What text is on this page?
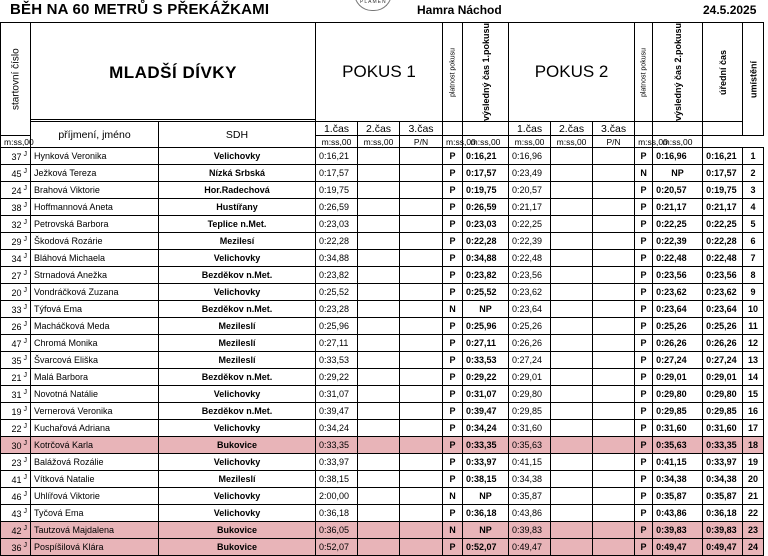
BĚH NA 60 METRŮ S PŘEKÁŽKAMI	PLAMEN
Hamra Náchod	24.5.2025
startovní číslo	MLADŠÍ DÍVKY		POKUS 1			platnost pokusu	výsledný čas 1.pokusu	POKUS 2			platnost pokusu	výsledný čas 2.pokusu	úřední čas	umístění

	příjmení, jméno	SDH	1.čas	2.čas	3.čas			1.čas	2.čas	3.čas				
m:ss,00			m:ss,00	m:ss,00	P/N	m:ss,00	m:ss,00	m:ss,00	m:ss,00	P/N	m:ss,00	m:ss,00		
37 $^J$	Hynková Veronika	Velichovky	0:16,21			P	0:16,21	0:16,96			P	0:16,96	0:16,21	1
45 $^J$	Ježková Tereza	Nízká Srbská	0:17,57			P	0:17,57	0:23,49			N	NP	0:17,57	2
24 $^J$	Brahová Viktorie	Hor.Radechová	0:19,75			P	0:19,75	0:20,57			P	0:20,57	0:19,75	3
38 $^J$	Hoffmannová Aneta	Hustířany	0:26,59			P	0:26,59	0:21,17			P	0:21,17	0:21,17	4
32 $^J$	Petrovská Barbora	Teplice n.Met.	0:23,03			P	0:23,03	0:22,25			P	0:22,25	0:22,25	5
29 $^J$	Škodová Rozárie	Mezilesí	0:22,28			P	0:22,28	0:22,39			P	0:22,39	0:22,28	6
34 $^J$	Bláhová Michaela	Velichovky	0:34,88			P	0:34,88	0:22,48			P	0:22,48	0:22,48	7
27 $^J$	Strnadová Anežka	Bezděkov n.Met.	0:23,82			P	0:23,82	0:23,56			P	0:23,56	0:23,56	8
20 $^J$	Vondráčková Zuzana	Velichovky	0:25,52			P	0:25,52	0:23,62			P	0:23,62	0:23,62	9
33 $^J$	Týfová Ema	Bezděkov n.Met.	0:23,28			N	NP	0:23,64			P	0:23,64	0:23,64	10
26 $^J$	Macháčková Meda	Mezileslí	0:25,96			P	0:25,96	0:25,26			P	0:25,26	0:25,26	11
47 $^J$	Chromá Monika	Mezileslí	0:27,11			P	0:27,11	0:26,26			P	0:26,26	0:26,26	12
35 $^J$	Švarcová Eliška	Mezileslí	0:33,53			P	0:33,53	0:27,24			P	0:27,24	0:27,24	13
21 $^J$	Malá Barbora	Bezděkov n.Met.	0:29,22			P	0:29,22	0:29,01			P	0:29,01	0:29,01	14
31 $^J$	Novotná Natálie	Velichovky	0:31,07			P	0:31,07	0:29,80			P	0:29,80	0:29,80	15
19 $^J$	Vernerová Veronika	Bezděkov n.Met.	0:39,47			P	0:39,47	0:29,85			P	0:29,85	0:29,85	16
22 $^J$	Kuchařová Adriana	Velichovky	0:34,24			P	0:34,24	0:31,60			P	0:31,60	0:31,60	17
30 $^J$	Kotrčová Karla	Bukovice	0:33,35			P	0:33,35	0:35,63			P	0:35,63	0:33,35	18
23 $^J$	Balážová Rozálie	Velichovky	0:33,97			P	0:33,97	0:41,15			P	0:41,15	0:33,97	19
41 $^J$	Vítková Natalie	Mezileslí	0:38,15			P	0:38,15	0:34,38			P	0:34,38	0:34,38	20
46 $^J$	Uhlířová Viktorie	Velichovky	2:00,00			N	NP	0:35,87			P	0:35,87	0:35,87	21
43 $^J$	Tyčová Ema	Velichovky	0:36,18			P	0:36,18	0:43,86			P	0:43,86	0:36,18	22
42 $^J$	Tautzová Majdalena	Bukovice	0:36,05			N	NP	0:39,83			P	0:39,83	0:39,83	23
36 $^J$	Pospíšilová Klára	Bukovice	0:52,07			P	0:52,07	0:49,47			P	0:49,47	0:49,47	24
